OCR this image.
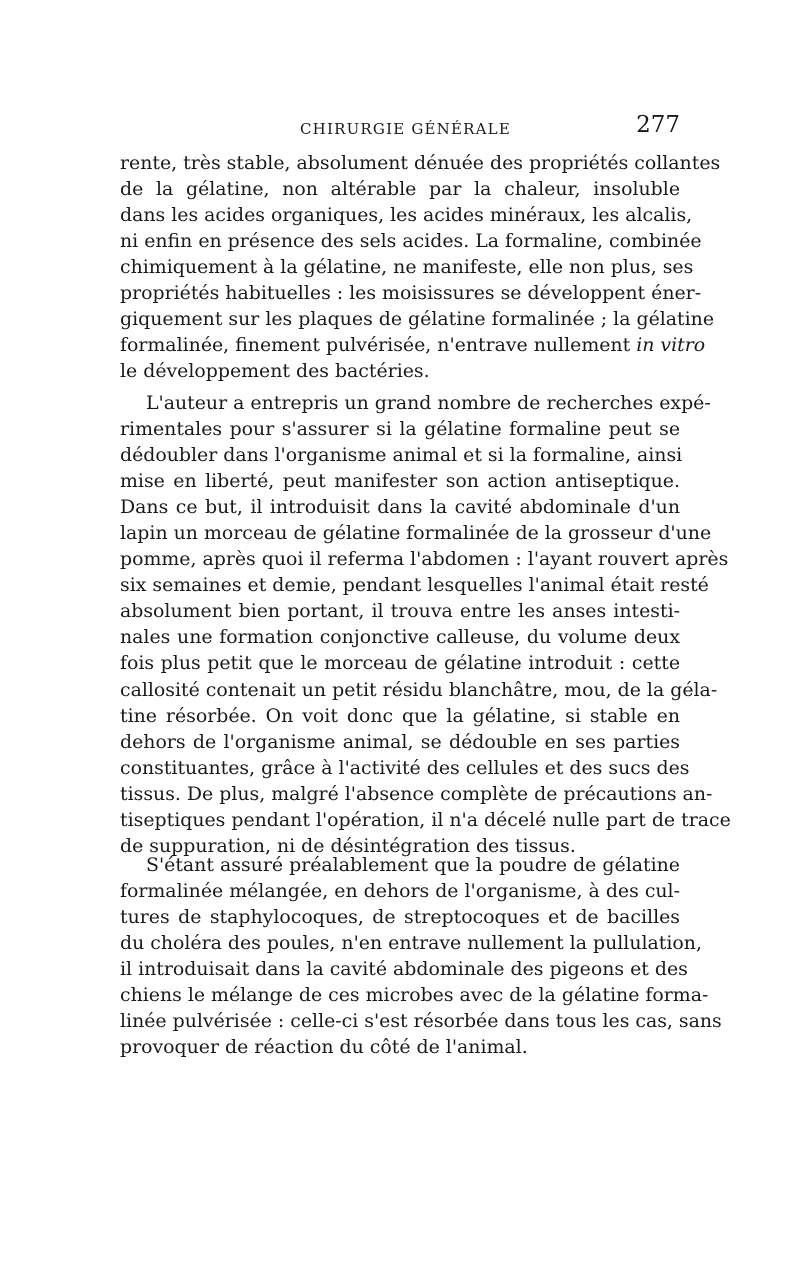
CHIRURGIE GÉNÉRALE	277
rente, très stable, absolument dénuée des propriétés collantes
de la gélatine, non altérable par la chaleur, insoluble
dans les acides organiques, les acides minéraux, les alcalis,
ni enfin en présence des sels acides. La formaline, combinée
chimiquement à la gélatine, ne manifeste, elle non plus, ses
propriétés habituelles : les moisissures se développent éner-
giquement sur les plaques de gélatine formalinée ; la gélatine
formalinée, finement pulvérisée, n'entrave nullement in vitro
le développement des bactéries.
L'auteur a entrepris un grand nombre de recherches expé-
rimentales pour s'assurer si la gélatine formaline peut se
dédoubler dans l'organisme animal et si la formaline, ainsi
mise en liberté, peut manifester son action antiseptique.
Dans ce but, il introduisit dans la cavité abdominale d'un
lapin un morceau de gélatine formalinée de la grosseur d'une
pomme, après quoi il referma l'abdomen : l'ayant rouvert après
six semaines et demie, pendant lesquelles l'animal était resté
absolument bien portant, il trouva entre les anses intesti-
nales une formation conjonctive calleuse, du volume deux
fois plus petit que le morceau de gélatine introduit : cette
callosité contenait un petit résidu blanchâtre, mou, de la géla-
tine résorbée. On voit donc que la gélatine, si stable en
dehors de l'organisme animal, se dédouble en ses parties
constituantes, grâce à l'activité des cellules et des sucs des
tissus. De plus, malgré l'absence complète de précautions an-
tiseptiques pendant l'opération, il n'a décelé nulle part de trace
de suppuration, ni de désintégration des tissus.
S'étant assuré préalablement que la poudre de gélatine
formalinée mélangée, en dehors de l'organisme, à des cul-
tures de staphylocoques, de streptocoques et de bacilles
du choléra des poules, n'en entrave nullement la pullulation,
il introduisait dans la cavité abdominale des pigeons et des
chiens le mélange de ces microbes avec de la gélatine forma-
linée pulvérisée : celle-ci s'est résorbée dans tous les cas, sans
provoquer de réaction du côté de l'animal.
